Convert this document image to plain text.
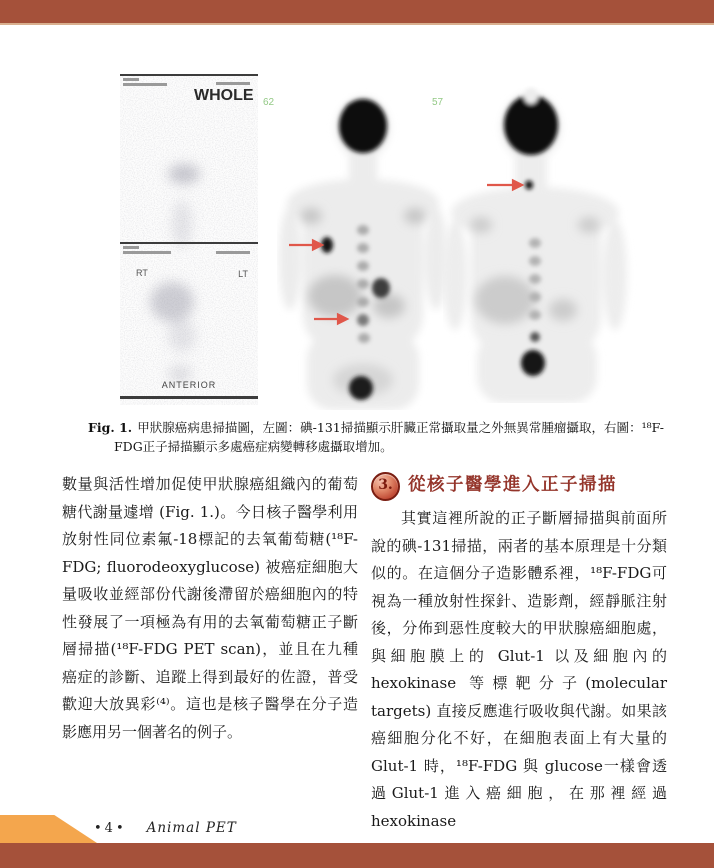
WHOLE
RT	LT
ANTERIOR
62	57
Fig. 1. 甲狀腺癌病患掃描圖，左圖：碘-131掃描顯示肝臟正常攝取量之外無異常腫瘤攝取，右圖：¹⁸F-FDG正子掃描顯示多處癌症病變轉移處攝取增加。

數量與活性增加促使甲狀腺癌組織內的葡萄糖代謝量遽增 (Fig. 1.)。今日核子醫學利用放射性同位素氟-18標記的去氧葡萄糖(¹⁸F-FDG; fluorodeoxyglucose) 被癌症細胞大量吸收並經部份代謝後滯留於癌細胞內的特性發展了一項極為有用的去氧葡萄糖正子斷層掃描(¹⁸F-FDG PET scan)，並且在九種癌症的診斷、追蹤上得到最好的佐證，普受歡迎大放異彩⁽⁴⁾。這也是核子醫學在分子造影應用另一個著名的例子。

3. 從核子醫學進入正子掃描

其實這裡所說的正子斷層掃描與前面所說的碘-131掃描，兩者的基本原理是十分類似的。在這個分子造影體系裡，¹⁸F-FDG可視為一種放射性探針、造影劑，經靜脈注射後，分佈到惡性度較大的甲狀腺癌細胞處，與細胞膜上的 Glut-1 以及細胞內的hexokinase 等標靶分子(molecular targets) 直接反應進行吸收與代謝。如果該癌細胞分化不好，在細胞表面上有大量的 Glut-1 時，¹⁸F-FDG 與 glucose一樣會透過Glut-1進入癌細胞，在那裡經過 hexokinase

•4• Animal PET
